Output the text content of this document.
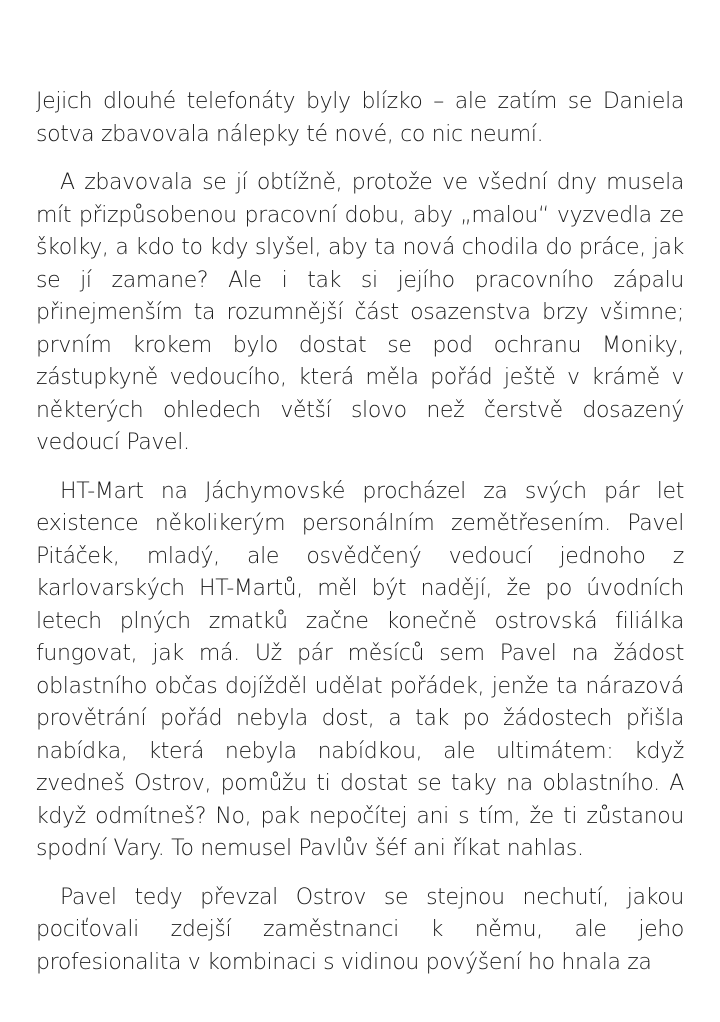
Jejich dlouhé telefonáty byly blízko – ale zatím se Daniela sotva zbavovala nálepky té nové, co nic neumí.

A zbavovala se jí obtížně, protože ve všední dny musela mít přizpůsobenou pracovní dobu, aby „malou“ vyzvedla ze školky, a kdo to kdy slyšel, aby ta nová chodila do práce, jak se jí zamane? Ale i tak si jejího pracovního zápalu přinejmenším ta rozumnější část osazenstva brzy všimne; prvním krokem bylo dostat se pod ochranu Moniky, zástupkyně vedoucího, která měla pořád ještě v krámě v některých ohledech větší slovo než čerstvě dosazený vedoucí Pavel.

HT-Mart na Jáchymovské procházel za svých pár let existence několikerým personálním zemětřesením. Pavel Pitáček, mladý, ale osvědčený vedoucí jednoho z karlovarských HT-Martů, měl být nadějí, že po úvodních letech plných zmatků začne konečně ostrovská filiálka fungovat, jak má. Už pár měsíců sem Pavel na žádost oblastního občas dojížděl udělat pořádek, jenže ta nárazová provětrání pořád nebyla dost, a tak po žádostech přišla nabídka, která nebyla nabídkou, ale ultimátem: když zvedneš Ostrov, pomůžu ti dostat se taky na oblastního. A když odmítneš? No, pak nepočítej ani s tím, že ti zůstanou spodní Vary. To nemusel Pavlův šéf ani říkat nahlas.

Pavel tedy převzal Ostrov se stejnou nechutí, jakou pociťovali zdejší zaměstnanci k němu, ale jeho profesionalita v kombinaci s vidinou povýšení ho hnala za
